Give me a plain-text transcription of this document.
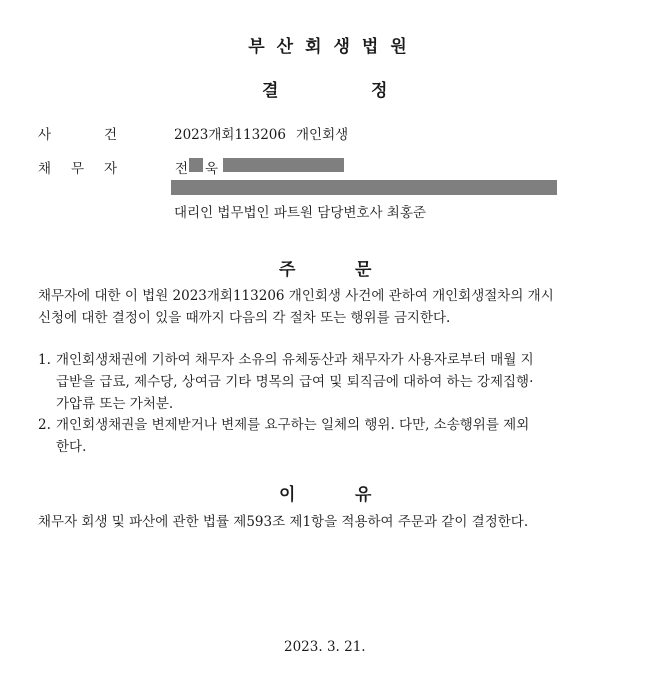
부산회생법원
결	정
사	건	2023개회113206 개인회생
채 무 자	전 욱
대리인 법무법인 파트원 담당변호사 최홍준
주	문
채무자에 대한 이 법원 2023개회113206 개인회생 사건에 관하여 개인회생절차의 개시
신청에 대한 결정이 있을 때까지 다음의 각 절차 또는 행위를 금지한다.
1. 개인회생채권에 기하여 채무자 소유의 유체동산과 채무자가 사용자로부터 매월 지
급받을 급료, 제수당, 상여금 기타 명목의 급여 및 퇴직금에 대하여 하는 강제집행·
가압류 또는 가처분.
2. 개인회생채권을 변제받거나 변제를 요구하는 일체의 행위. 다만, 소송행위를 제외
한다.
이	유
채무자 회생 및 파산에 관한 법률 제593조 제1항을 적용하여 주문과 같이 결정한다.
2023. 3. 21.
